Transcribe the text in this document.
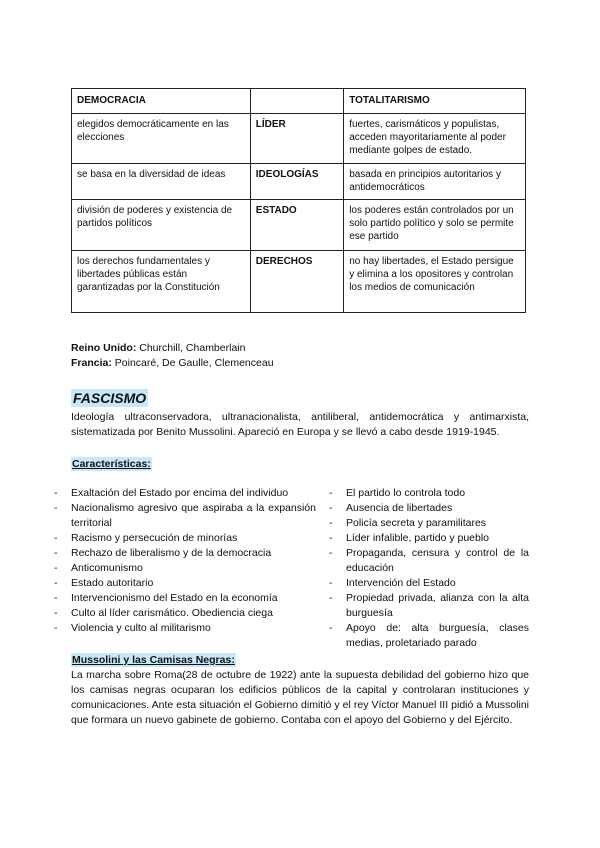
DEMOCRACIA		TOTALITARISMO
elegidos democráticamente en las elecciones	LÍDER	fuertes, carismáticos y populistas, acceden mayoritariamente al poder mediante golpes de estado.
se basa en la diversidad de ideas	IDEOLOGÍAS	basada en principios autoritarios y antidemocráticos
división de poderes y existencia de partidos políticos	ESTADO	los poderes están controlados por un solo partido político y solo se permite ese partido
los derechos fundamentales y libertades públicas están garantizadas por la Constitución	DERECHOS	no hay libertades, el Estado persigue y elimina a los opositores y controlan los medios de comunicación
Reino Unido: Churchill, Chamberlain
Francia: Poincaré, De Gaulle, Clemenceau
FASCISMO
Ideología ultraconservadora, ultranacionalista, antiliberal, antidemocrática y antimarxista, sistematizada por Benito Mussolini. Apareció en Europa y se llevó a cabo desde 1919-1945.
Características:
- Exaltación del Estado por encima del individuo
- Nacionalismo agresivo que aspiraba a la expansión territorial
- Racismo y persecución de minorías
- Rechazo de liberalismo y de la democracia
- Anticomunismo
- Estado autoritario
- Intervencionismo del Estado en la economía
- Culto al líder carismático. Obediencia ciega
- Violencia y culto al militarismo
- El partido lo controla todo
- Ausencia de libertades
- Policía secreta y paramilitares
- Líder infalible, partido y pueblo
- Propaganda, censura y control de la educación
- Intervención del Estado
- Propiedad privada, alianza con la alta burguesía
- Apoyo de: alta burguesía, clases medias, proletariado parado
Mussolini y las Camisas Negras:
La marcha sobre Roma(28 de octubre de 1922) ante la supuesta debilidad del gobierno hizo que los camisas negras ocuparan los edificios públicos de la capital y controlaran instituciones y comunicaciones. Ante esta situación el Gobierno dimitió y el rey Víctor Manuel III pidió a Mussolini que formara un nuevo gabinete de gobierno. Contaba con el apoyo del Gobierno y del Ejército.
